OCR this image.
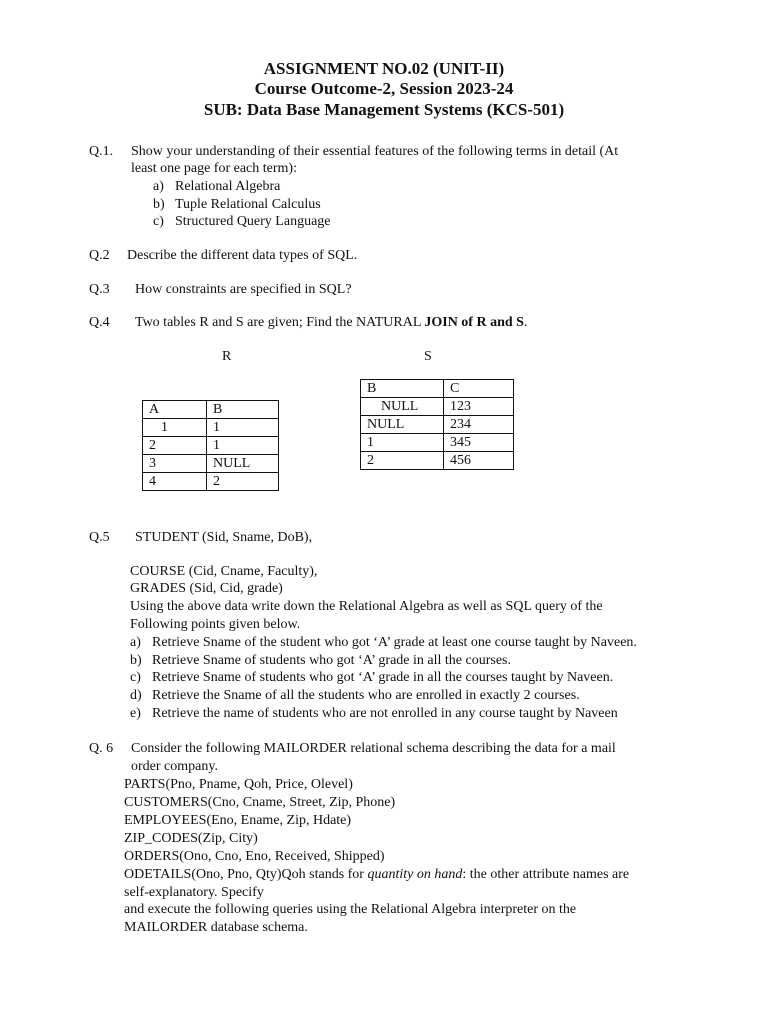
ASSIGNMENT NO.02 (UNIT-II)
Course Outcome-2, Session 2023-24
SUB: Data Base Management Systems (KCS-501)
Q.1. Show your understanding of their essential features of the following terms in detail (At
least one page for each term):
a) Relational Algebra
b) Tuple Relational Calculus
c) Structured Query Language
Q.2 Describe the different data types of SQL.
Q.3 How constraints are specified in SQL?
Q.4 Two tables R and S are given; Find the NATURAL JOIN of R and S.
R	S
A	B
1	1
2	1
3	NULL
4	2
B	C
NULL	123
NULL	234
1	345
2	456
Q.5 STUDENT (Sid, Sname, DoB),
COURSE (Cid, Cname, Faculty),
GRADES (Sid, Cid, grade)
Using the above data write down the Relational Algebra as well as SQL query of the
Following points given below.
a) Retrieve Sname of the student who got ‘A’ grade at least one course taught by Naveen.
b) Retrieve Sname of students who got ‘A’ grade in all the courses.
c) Retrieve Sname of students who got ‘A’ grade in all the courses taught by Naveen.
d) Retrieve the Sname of all the students who are enrolled in exactly 2 courses.
e) Retrieve the name of students who are not enrolled in any course taught by Naveen
Q. 6 Consider the following MAILORDER relational schema describing the data for a mail
order company.
PARTS(Pno, Pname, Qoh, Price, Olevel)
CUSTOMERS(Cno, Cname, Street, Zip, Phone)
EMPLOYEES(Eno, Ename, Zip, Hdate)
ZIP_CODES(Zip, City)
ORDERS(Ono, Cno, Eno, Received, Shipped)
ODETAILS(Ono, Pno, Qty)Qoh stands for quantity on hand: the other attribute names are
self-explanatory. Specify
and execute the following queries using the Relational Algebra interpreter on the
MAILORDER database schema.
